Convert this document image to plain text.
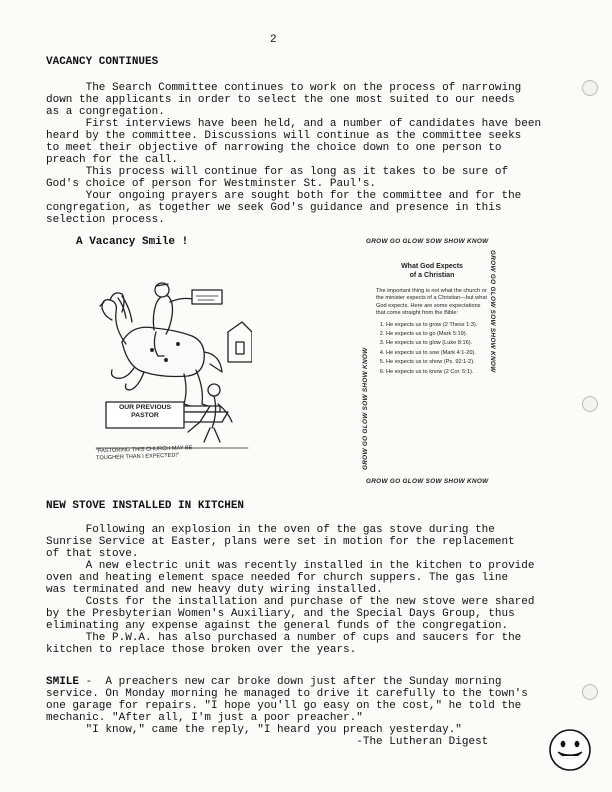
2
VACANCY CONTINUES
The Search Committee continues to work on the process of narrowing
down the applicants in order to select the one most suited to our needs
as a congregation.
First interviews have been held, and a number of candidates have been
heard by the committee. Discussions will continue as the committee seeks
to meet their objective of narrowing the choice down to one person to
preach for the call.
This process will continue for as long as it takes to be sure of
God's choice of person for Westminster St. Paul's.
Your ongoing prayers are sought both for the committee and for the
congregation, as together we seek God's guidance and presence in this
selection process.
A Vacancy Smile !
OUR PREVIOUS PASTOR
"PASTORING THIS CHURCH MAY BE
TOUGHER THAN I EXPECTED!"
GROW GO GLOW SOW SHOW KNOW
GROW GO GLOW SOW SHOW KNOW
GROW GO GLOW SOW SHOW KNOW
GROW GO GLOW SOW SHOW KNOW
What God Expects
of a Christian

The important thing is not what the church or the minister expects of a Christian—but what God expects. Here are some expectations that come straight from the Bible:

1. He expects us to grow (2 Thess 1:3).
2. He expects us to go (Mark 5:19).
3. He expects us to glow (Luke 8:16).
4. He expects us to sow (Mark 4:1-20).
5. He expects us to show (Ps. 92:1-2).
6. He expects us to know (2 Cor. 5:1).
NEW STOVE INSTALLED IN KITCHEN
Following an explosion in the oven of the gas stove during the
Sunrise Service at Easter, plans were set in motion for the replacement
of that stove.
A new electric unit was recently installed in the kitchen to provide
oven and heating element space needed for church suppers. The gas line
was terminated and new heavy duty wiring installed.
Costs for the installation and purchase of the new stove were shared
by the Presbyterian Women's Auxiliary, and the Special Days Group, thus
eliminating any expense against the general funds of the congregation.
The P.W.A. has also purchased a number of cups and saucers for the
kitchen to replace those broken over the years.
SMILE -  A preachers new car broke down just after the Sunday morning
service. On Monday morning he managed to drive it carefully to the town's
one garage for repairs. "I hope you'll go easy on the cost," he told the
mechanic. "After all, I'm just a poor preacher."
"I know," came the reply, "I heard you preach yesterday."
-The Lutheran Digest
